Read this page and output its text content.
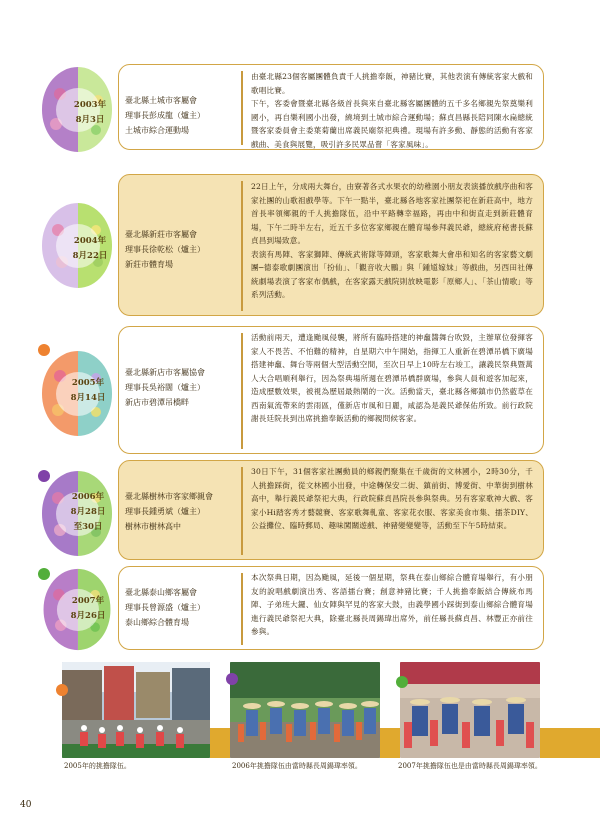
2003年
8月3日
臺北縣土城市客屬會
理事長彭成龍（爐主）
土城市綜合運動場

由臺北縣23個客屬團體負責千人挑擔奉飯，神豬比賽，其他表演有傳統客家大戲和歌唱比賽。

下午，客委會暨臺北縣各級首長與來自臺北縣客屬團體的五千多名鄉親先祭奠樂利國小，再自樂利國小出發，繞境到土城市綜合運動場；蘇貞昌縣長陪同陳水扁總統暨客家委員會主委葉菊蘭出席義民廟祭祀典禮。現場有許多動、靜態的活動有客家戲曲、美食與展覽，吸引許多民眾品嘗「客家風味」。

2004年
8月22日
臺北縣新莊市客屬會
理事長徐乾松（爐主）
新莊市體育場

22日上午，分成兩大舞台，由寮著各式水果衣的幼稚園小朋友表演播放戲序曲和客家社團的山歌祖戲學等。下午一點半，臺北縣各地客家社團祭祀在新莊高中，地方首長率領鄉親的千人挑擔隊伍，沿中平路轉幸福路，再由中和街直走到新莊體育場，下午二時半左右，近五千多位客家鄉親在體育場參拜義民爺，總統府秘書長蘇貞昌到場致意。

表演有馬陣、客家獅陣、傳統武術隊等陣頭，客家歌舞大會串和知名的客家藝文劇團─德泰歌劇團演出「扮仙」、「觀音收大鵬」與「鍾馗嫁妹」等戲曲，另西田社傳統劇場表演了客家布偶戲，在客家露天戲院則放映電影「原鄉人」、「茶山情歌」等系列活動。

2005年
8月14日
臺北縣新店市客屬協會
理事長吳裕闊（爐主）
新店市碧潭吊橋畔

活動前兩天，遭逢颱風侵襲，將所有臨時搭建的神龕醬舞台吹毀，主辦單位發揮客家人不畏苦、不怕難的精神，自星期六中午開始，指揮工人重新在碧潭吊橋下廣場搭建神龕、舞台等兩個大型活動空間，至次日早上10時左右竣工，讓義民祭典暨萬人大合唱順利舉行，因為祭典場所週在碧潭吊橋群廣場，參與人員和遊客加起來，造成歷數效果，被視為歷屆最熱鬧的一次。活動當天，臺北縣各鄉鎮市仍然藍草在西南氣流帶來的雲雨區，僅新店市風和日麗，咸認為是義民爺保佑所致。前行政院謝長廷院長到出席挑擔奉飯活動的鄉親問候客家。

2006年
8月28日
至30日
臺北縣樹林市客家鄉親會
理事長鍾勇斌（爐主）
樹林市樹林高中

30日下午，31個客家社團動員的鄉親們聚集在千歲街的文林國小，2時30分，千人挑擔踩街，從文林國小出發，中途轉保安二街、鎮前街、博愛街、中華街到樹林高中，舉行義民爺祭祀大典，行政院蘇貞昌院長參與祭典。另有客家歌神大戲、客家小Hi踏客秀才藝競賽、客家歌舞軋童、客家花衣服、客家美食市集、擂茶DIY、公益攤位、臨時郵局、趣味闖關遊戲、神豬變變變等，活動至下午5時結束。

2007年
8月26日
臺北縣泰山鄉客屬會
理事長曾源盛（爐主）
泰山鄉綜合體育場

本次祭典日期，因為颱風，延後一個星期，祭典在泰山鄉綜合體育場舉行，有小朋友的說唱戲劇演出秀、客語擂台賽；創意神豬比賽；千人挑擔奉飯結合傳統布馬陣、子弟班大鑼、仙女陣與罕見的客家大鼓，由義學國小踩街到泰山鄉綜合體育場進行義民爺祭祀大典，除臺北縣長周錫瑋出席外，前任縣長蘇貞昌、林豐正亦前往參與。

2005年的挑擔隊伍。	2006年挑擔隊伍由當時縣長周錫瑋率領。	2007年挑擔隊伍也是由當時縣長周錫瑋率領。
40
